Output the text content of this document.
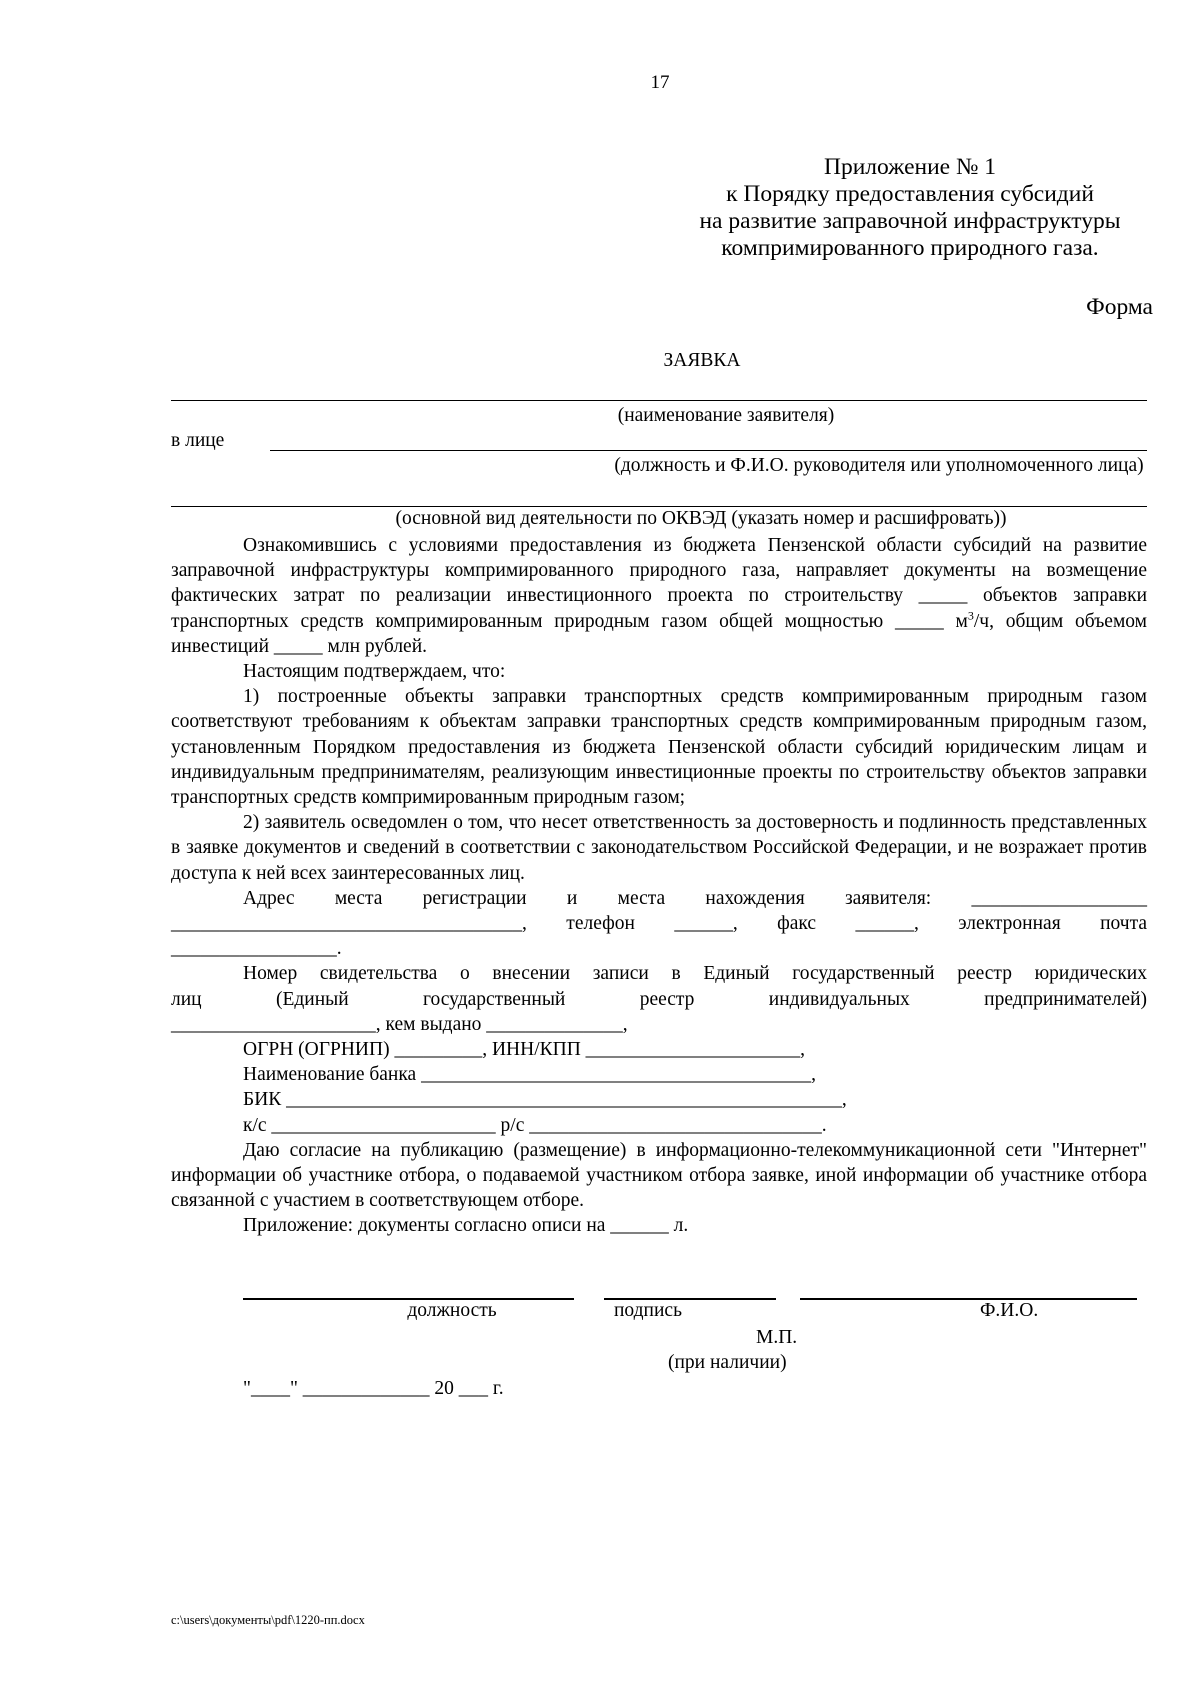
17
Приложение № 1
к Порядку предоставления субсидий
на развитие заправочной инфраструктуры
компримированного природного газа.
Форма
ЗАЯВКА
(наименование заявителя)
в лице
(должность и Ф.И.О. руководителя или уполномоченного лица)
(основной вид деятельности по ОКВЭД (указать номер и расшифровать))
Ознакомившись с условиями предоставления из бюджета Пензенской области субсидий на развитие заправочной инфраструктуры компримированного природного газа, направляет документы на возмещение фактических затрат по реализации инвестиционного проекта по строительству _____ объектов заправки транспортных средств компримированным природным газом общей мощностью _____ $м^3/ч$, общим объемом инвестиций _____ млн рублей.
Настоящим подтверждаем, что:
1) построенные объекты заправки транспортных средств компримированным природным газом соответствуют требованиям к объектам заправки транспортных средств компримированным природным газом, установленным Порядком предоставления из бюджета Пензенской области субсидий юридическим лицам и индивидуальным предпринимателям, реализующим инвестиционные проекты по строительству объектов заправки транспортных средств компримированным природным газом;
2) заявитель осведомлен о том, что несет ответственность за достоверность и подлинность представленных в заявке документов и сведений в соответствии с законодательством Российской Федерации, и не возражает против доступа к ней всех заинтересованных лиц.
Адрес места регистрации и места нахождения заявителя: __________________
____________________________________, телефон ______, факс ______, электронная почта
_________________.
Номер свидетельства о внесении записи в Единый государственный реестр юридических
лиц (Единый государственный реестр индивидуальных предпринимателей)
_____________________, кем выдано ______________,
ОГРН (ОГРНИП) _________, ИНН/КПП ______________________,
Наименование банка ________________________________________,
БИК _________________________________________________________,
к/с _______________________ р/с ______________________________.
Даю согласие на публикацию (размещение) в информационно-телекоммуникационной сети "Интернет" информации об участнике отбора, о подаваемой участником отбора заявке, иной информации об участнике отбора связанной с участием в соответствующем отборе.
Приложение: документы согласно описи на ______ л.
должность	подпись	Ф.И.О.
М.П.
(при наличии)
"____" _____________ 20 ___ г.
c:\users\документы\pdf\1220-пп.docx
